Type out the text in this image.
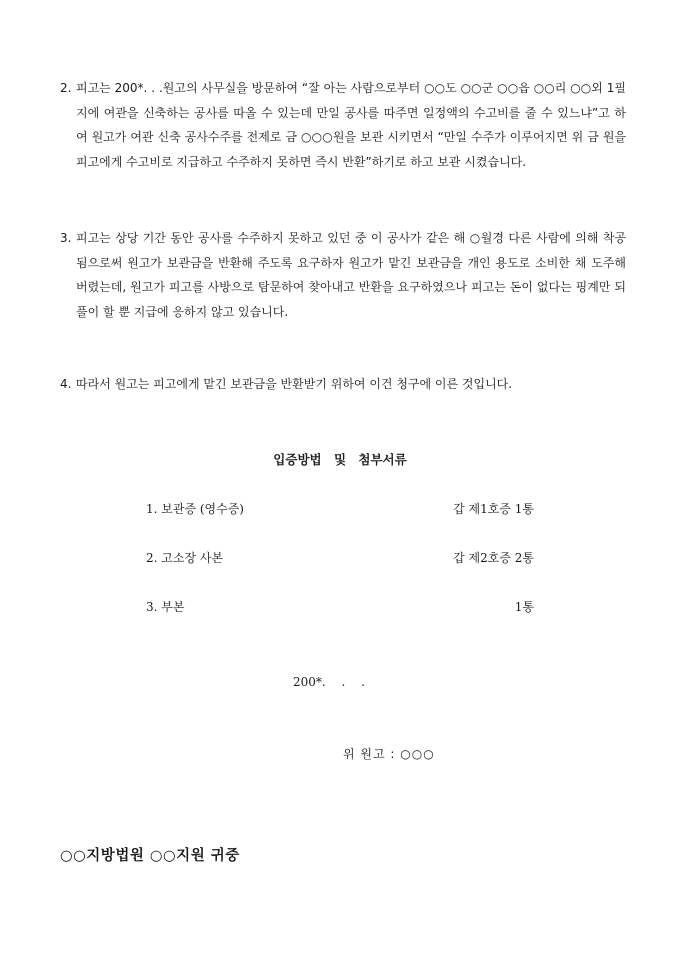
2. 피고는 200*. . .원고의 사무실을 방문하여 “잘 아는 사람으로부터 ○○도 ○○군 ○○읍 ○○리 ○○외 1필지에 여관을 신축하는 공사를 따올 수 있는데 만일 공사를 따주면 일정액의 수고비를 줄 수 있느냐”고 하여 원고가 여관 신축 공사수주를 전제로 금 ○○○원을 보관 시키면서 “만일 수주가 이루어지면 위 금 원을 피고에게 수고비로 지급하고 수주하지 못하면 즉시 반환”하기로 하고 보관 시켰습니다.
3. 피고는 상당 기간 동안 공사를 수주하지 못하고 있던 중 이 공사가 같은 해 ○월경 다른 사람에 의해 착공됨으로써 원고가 보관금을 반환해 주도록 요구하자 원고가 맡긴 보관금을 개인 용도로 소비한 채 도주해 버렸는데, 원고가 피고를 사방으로 탐문하여 찾아내고 반환을 요구하였으나 피고는 돈이 없다는 핑계만 되풀이 할 뿐 지급에 응하지 않고 있습니다.
4. 따라서 원고는 피고에게 맡긴 보관금을 반환받기 위하여 이건 청구에 이른 것입니다.
입증방법 및 첨부서류
1. 보관증 (영수증)	갑 제1호증 1통
2. 고소장 사본	갑 제2호증 2통
3. 부본	1통
200*. . .
위 원고 : ○○○
○○지방법원 ○○지원 귀중
